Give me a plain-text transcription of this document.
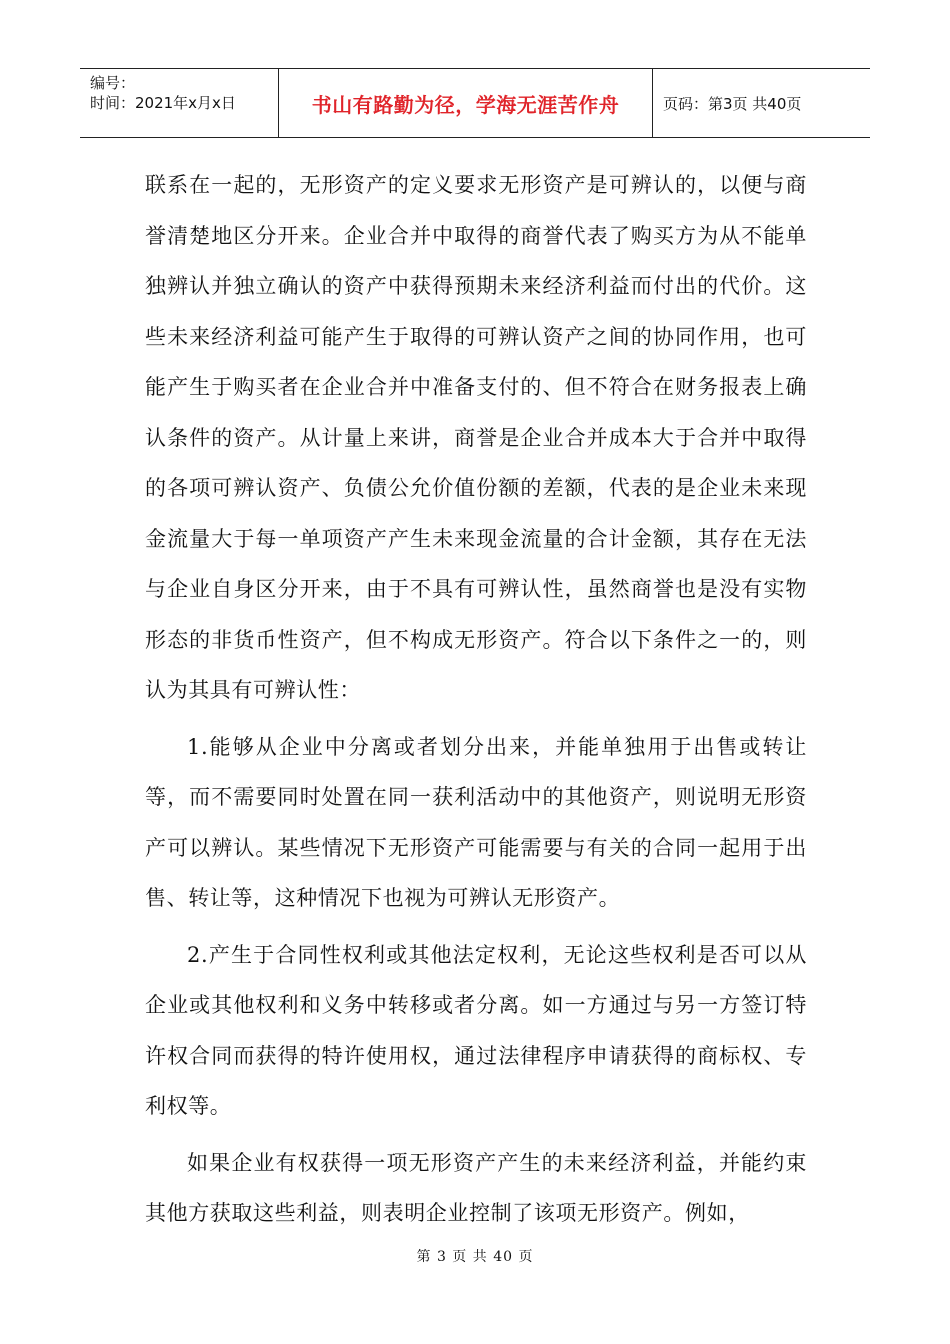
编号：
时间：2021年x月x日	书山有路勤为径，学海无涯苦作舟	页码：第3页 共40页

联系在一起的，无形资产的定义要求无形资产是可辨认的，以便与商誉清楚地区分开来。企业合并中取得的商誉代表了购买方为从不能单独辨认并独立确认的资产中获得预期未来经济利益而付出的代价。这些未来经济利益可能产生于取得的可辨认资产之间的协同作用，也可能产生于购买者在企业合并中准备支付的、但不符合在财务报表上确认条件的资产。从计量上来讲，商誉是企业合并成本大于合并中取得的各项可辨认资产、负债公允价值份额的差额，代表的是企业未来现金流量大于每一单项资产产生未来现金流量的合计金额，其存在无法与企业自身区分开来，由于不具有可辨认性，虽然商誉也是没有实物形态的非货币性资产，但不构成无形资产。符合以下条件之一的，则认为其具有可辨认性：

1.能够从企业中分离或者划分出来，并能单独用于出售或转让等，而不需要同时处置在同一获利活动中的其他资产，则说明无形资产可以辨认。某些情况下无形资产可能需要与有关的合同一起用于出售、转让等，这种情况下也视为可辨认无形资产。

2.产生于合同性权利或其他法定权利，无论这些权利是否可以从企业或其他权利和义务中转移或者分离。如一方通过与另一方签订特许权合同而获得的特许使用权，通过法律程序申请获得的商标权、专利权等。

如果企业有权获得一项无形资产产生的未来经济利益，并能约束其他方获取这些利益，则表明企业控制了该项无形资产。例如，

第 3 页 共 40 页
